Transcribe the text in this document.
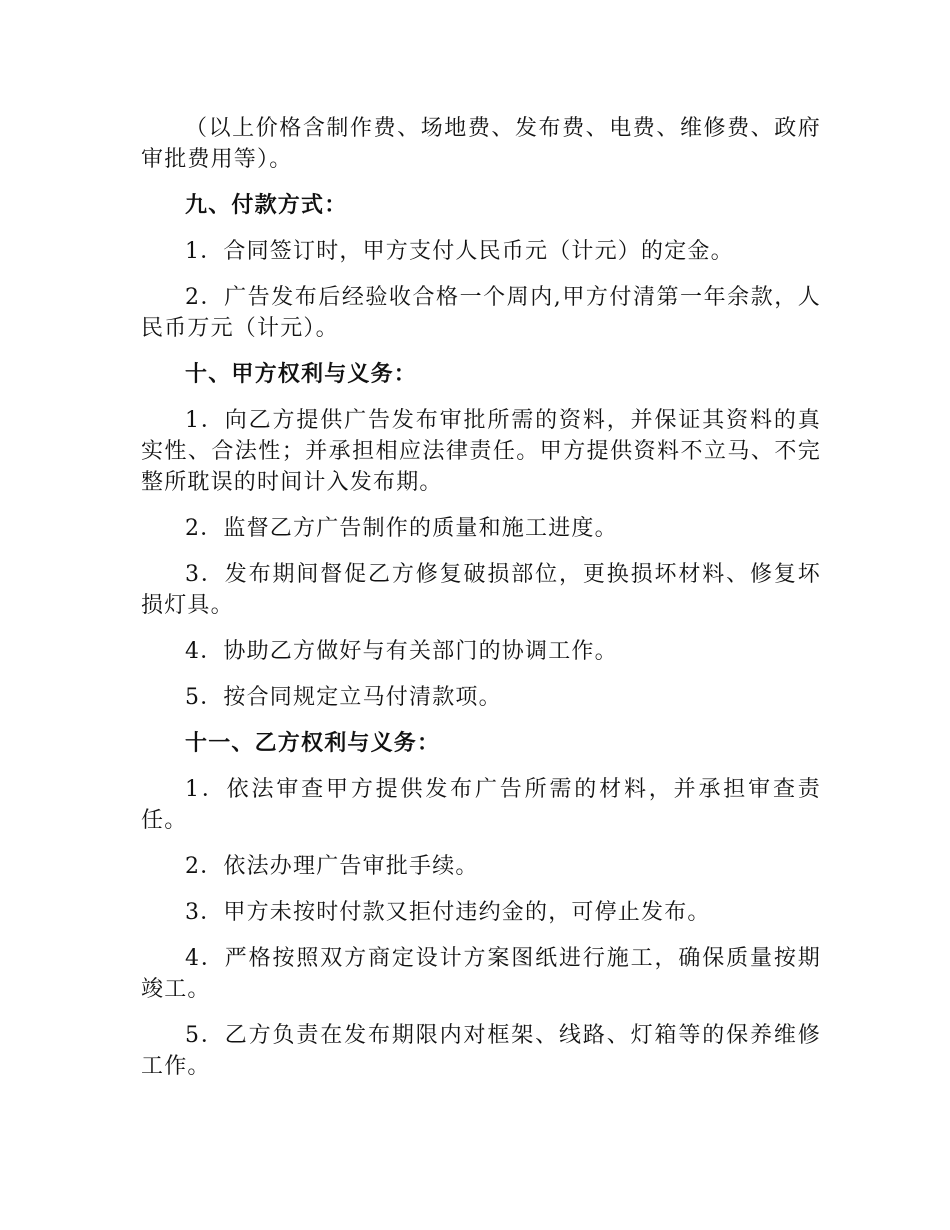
（以上价格含制作费、场地费、发布费、电费、维修费、政府审批费用等）。

九、付款方式：

1．合同签订时，甲方支付人民币元（计元）的定金。

2．广告发布后经验收合格一个周内,甲方付清第一年余款，人民币万元（计元）。

十、甲方权利与义务：

1．向乙方提供广告发布审批所需的资料，并保证其资料的真实性、合法性；并承担相应法律责任。甲方提供资料不立马、不完整所耽误的时间计入发布期。

2．监督乙方广告制作的质量和施工进度。

3．发布期间督促乙方修复破损部位，更换损坏材料、修复坏损灯具。

4．协助乙方做好与有关部门的协调工作。

5．按合同规定立马付清款项。

十一、乙方权利与义务：

1．依法审查甲方提供发布广告所需的材料，并承担审查责任。

2．依法办理广告审批手续。

3．甲方未按时付款又拒付违约金的，可停止发布。

4．严格按照双方商定设计方案图纸进行施工，确保质量按期竣工。

5．乙方负责在发布期限内对框架、线路、灯箱等的保养维修工作。
